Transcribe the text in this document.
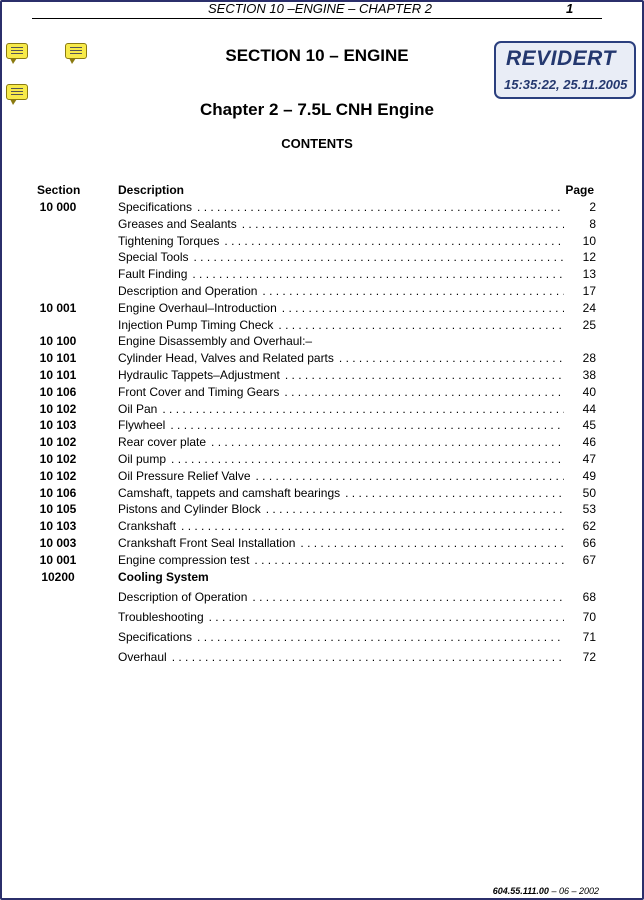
SECTION 10 –ENGINE – CHAPTER 2	1
REVIDERT
15:35:22, 25.11.2005
SECTION 10 – ENGINE
Chapter 2 – 7.5L CNH Engine
CONTENTS
Section	Description	Page
10 000	Specifications . . .	2
Greases and Sealants . . .	8
Tightening Torques . . .	10
Special Tools . . .	12
Fault Finding . . .	13
Description and Operation . . .	17
10 001	Engine Overhaul–Introduction . . .	24
Injection Pump Timing Check . . .	25
10 100	Engine Disassembly and Overhaul:–
10 101	Cylinder Head, Valves and Related parts . . .	28
10 101	Hydraulic Tappets–Adjustment . . .	38
10 106	Front Cover and Timing Gears . . .	40
10 102	Oil Pan . . .	44
10 103	Flywheel . . .	45
10 102	Rear cover plate . . .	46
10 102	Oil pump . . .	47
10 102	Oil Pressure Relief Valve . . .	49
10 106	Camshaft, tappets and camshaft bearings . . .	50
10 105	Pistons and Cylinder Block . . .	53
10 103	Crankshaft . . .	62
10 003	Crankshaft Front Seal Installation . . .	66
10 001	Engine compression test . . .	67
10200	Cooling System
Description of Operation . . .	68
Troubleshooting . . .	70
Specifications . . .	71
Overhaul . . .	72
604.55.111.00 – 06 – 2002
